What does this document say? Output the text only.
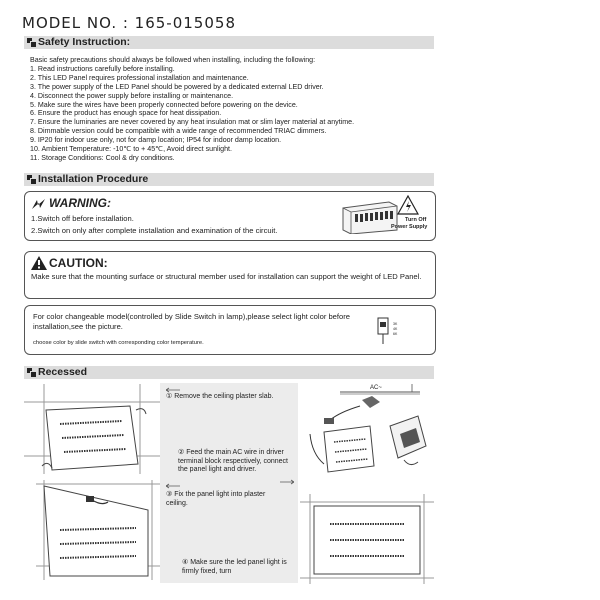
MODEL NO. : 165-015058
Safety Instruction:
Basic safety precautions should always be followed when installing, including the following:
1. Read instructions carefully before installing.
2. This LED Panel requires professional installation and maintenance.
3. The power supply of the LED Panel should be powered by a dedicated external LED driver.
4. Disconnect the power supply before installing or maintenance.
5. Make sure the wires have been properly connected before powering on the device.
6. Ensure the product has enough space for heat dissipation.
7. Ensure the luminaries are never covered by any heat insulation mat or slim layer material at anytime.
8. Dimmable version could be compatible with a wide range of recommended TRIAC dimmers.
9. IP20 for indoor use only, not for damp location; IP54 for indoor damp location.
10. Ambient Temperature: -10℃ to + 45℃, Avoid direct sunlight.
11. Storage Conditions: Cool & dry conditions.
Installation Procedure
WARNING:
1.Switch off before installation.
2.Switch on only after complete installation and examination of the circuit.
Turn Off
Power Supply
CAUTION:
Make sure that the mounting surface or structural member used for installation can support the weight of LED Panel.
For color changeable model(controlled by Slide Switch in lamp),please select light color before installation,see the picture.
choose color by slide switch with corresponding color temperature.
3K
4K
6K
Recessed
① Remove the ceiling plaster slab.
② Feed the main AC wire in driver terminal block respectively, connect the panel light and driver.
③ Fix the panel light into plaster ceiling.
④ Make sure the led panel light is firmly fixed, turn
AC~
